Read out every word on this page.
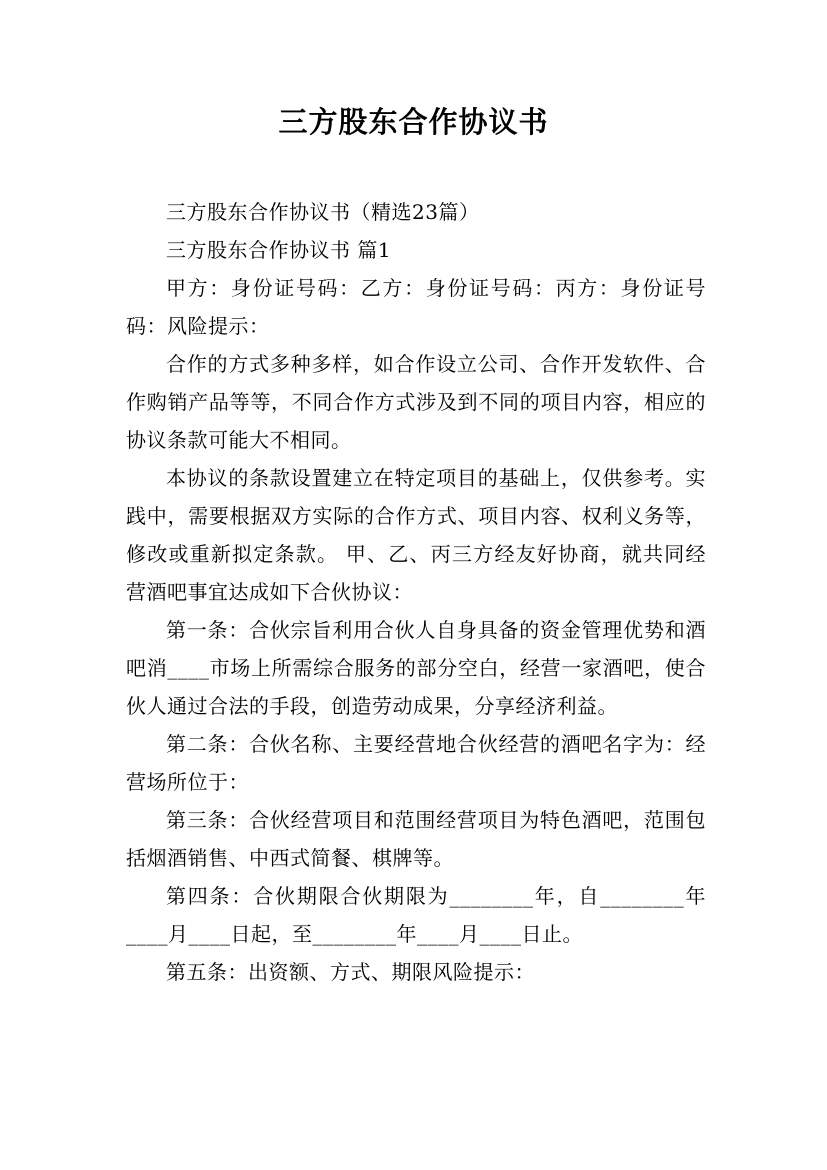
三方股东合作协议书

三方股东合作协议书（精选23篇）

三方股东合作协议书 篇1

甲方：身份证号码：乙方：身份证号码：丙方：身份证号码：风险提示：

合作的方式多种多样，如合作设立公司、合作开发软件、合作购销产品等等，不同合作方式涉及到不同的项目内容，相应的协议条款可能大不相同。

本协议的条款设置建立在特定项目的基础上，仅供参考。实践中，需要根据双方实际的合作方式、项目内容、权利义务等，修改或重新拟定条款。 甲、乙、丙三方经友好协商，就共同经营酒吧事宜达成如下合伙协议：

第一条：合伙宗旨利用合伙人自身具备的资金管理优势和酒吧消____市场上所需综合服务的部分空白，经营一家酒吧，使合伙人通过合法的手段，创造劳动成果，分享经济利益。

第二条：合伙名称、主要经营地合伙经营的酒吧名字为：经营场所位于：

第三条：合伙经营项目和范围经营项目为特色酒吧，范围包括烟酒销售、中西式简餐、棋牌等。

第四条：合伙期限合伙期限为________年，自________年____月____日起，至________年____月____日止。

第五条：出资额、方式、期限风险提示：
